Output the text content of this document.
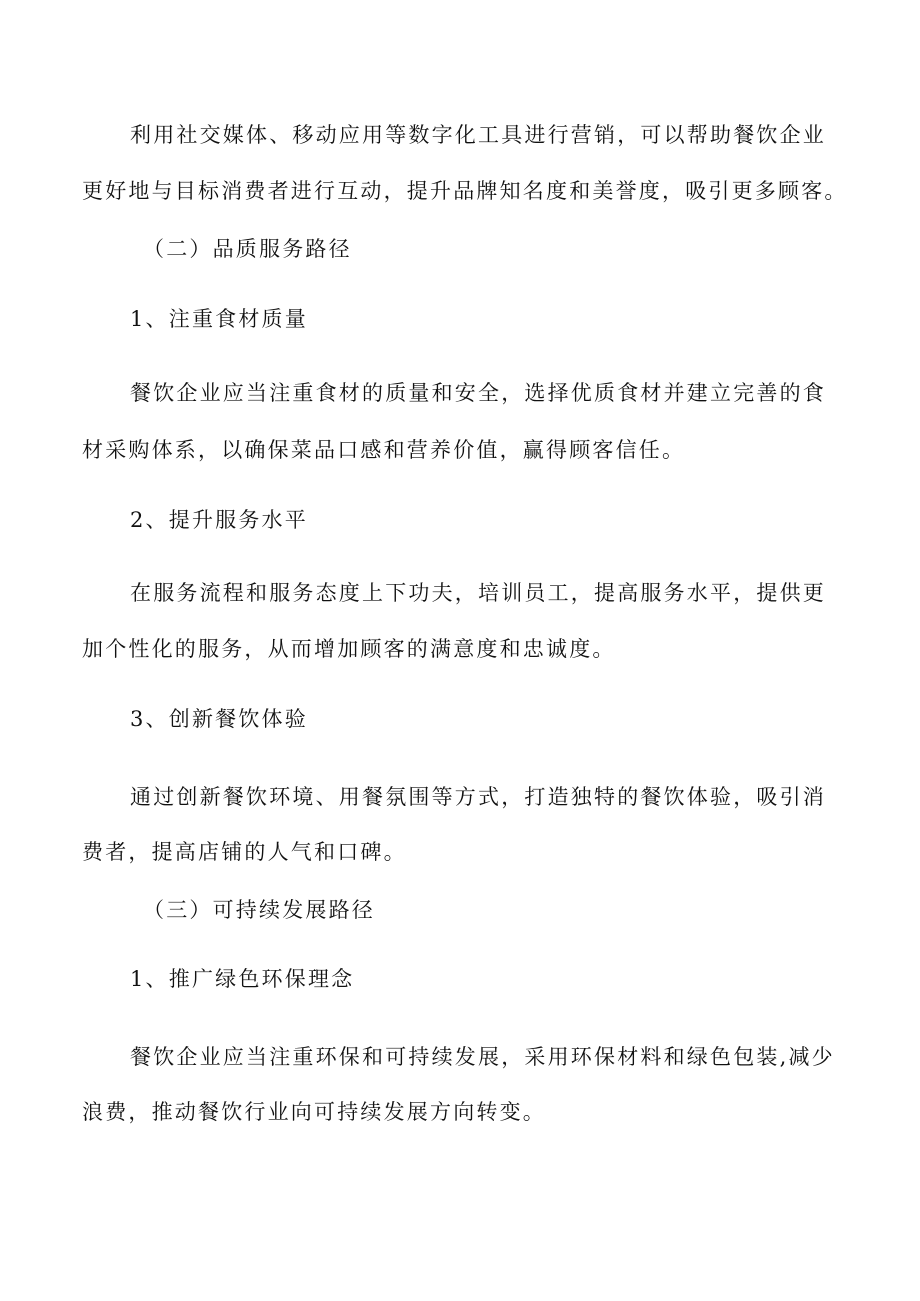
利用社交媒体、移动应用等数字化工具进行营销，可以帮助餐饮企业
更好地与目标消费者进行互动，提升品牌知名度和美誉度，吸引更多顾客。
（二）品质服务路径
1、注重食材质量
餐饮企业应当注重食材的质量和安全，选择优质食材并建立完善的食
材采购体系，以确保菜品口感和营养价值，赢得顾客信任。
2、提升服务水平
在服务流程和服务态度上下功夫，培训员工，提高服务水平，提供更
加个性化的服务，从而增加顾客的满意度和忠诚度。
3、创新餐饮体验
通过创新餐饮环境、用餐氛围等方式，打造独特的餐饮体验，吸引消
费者，提高店铺的人气和口碑。
（三）可持续发展路径
1、推广绿色环保理念
餐饮企业应当注重环保和可持续发展，采用环保材料和绿色包装,减少
浪费，推动餐饮行业向可持续发展方向转变。
